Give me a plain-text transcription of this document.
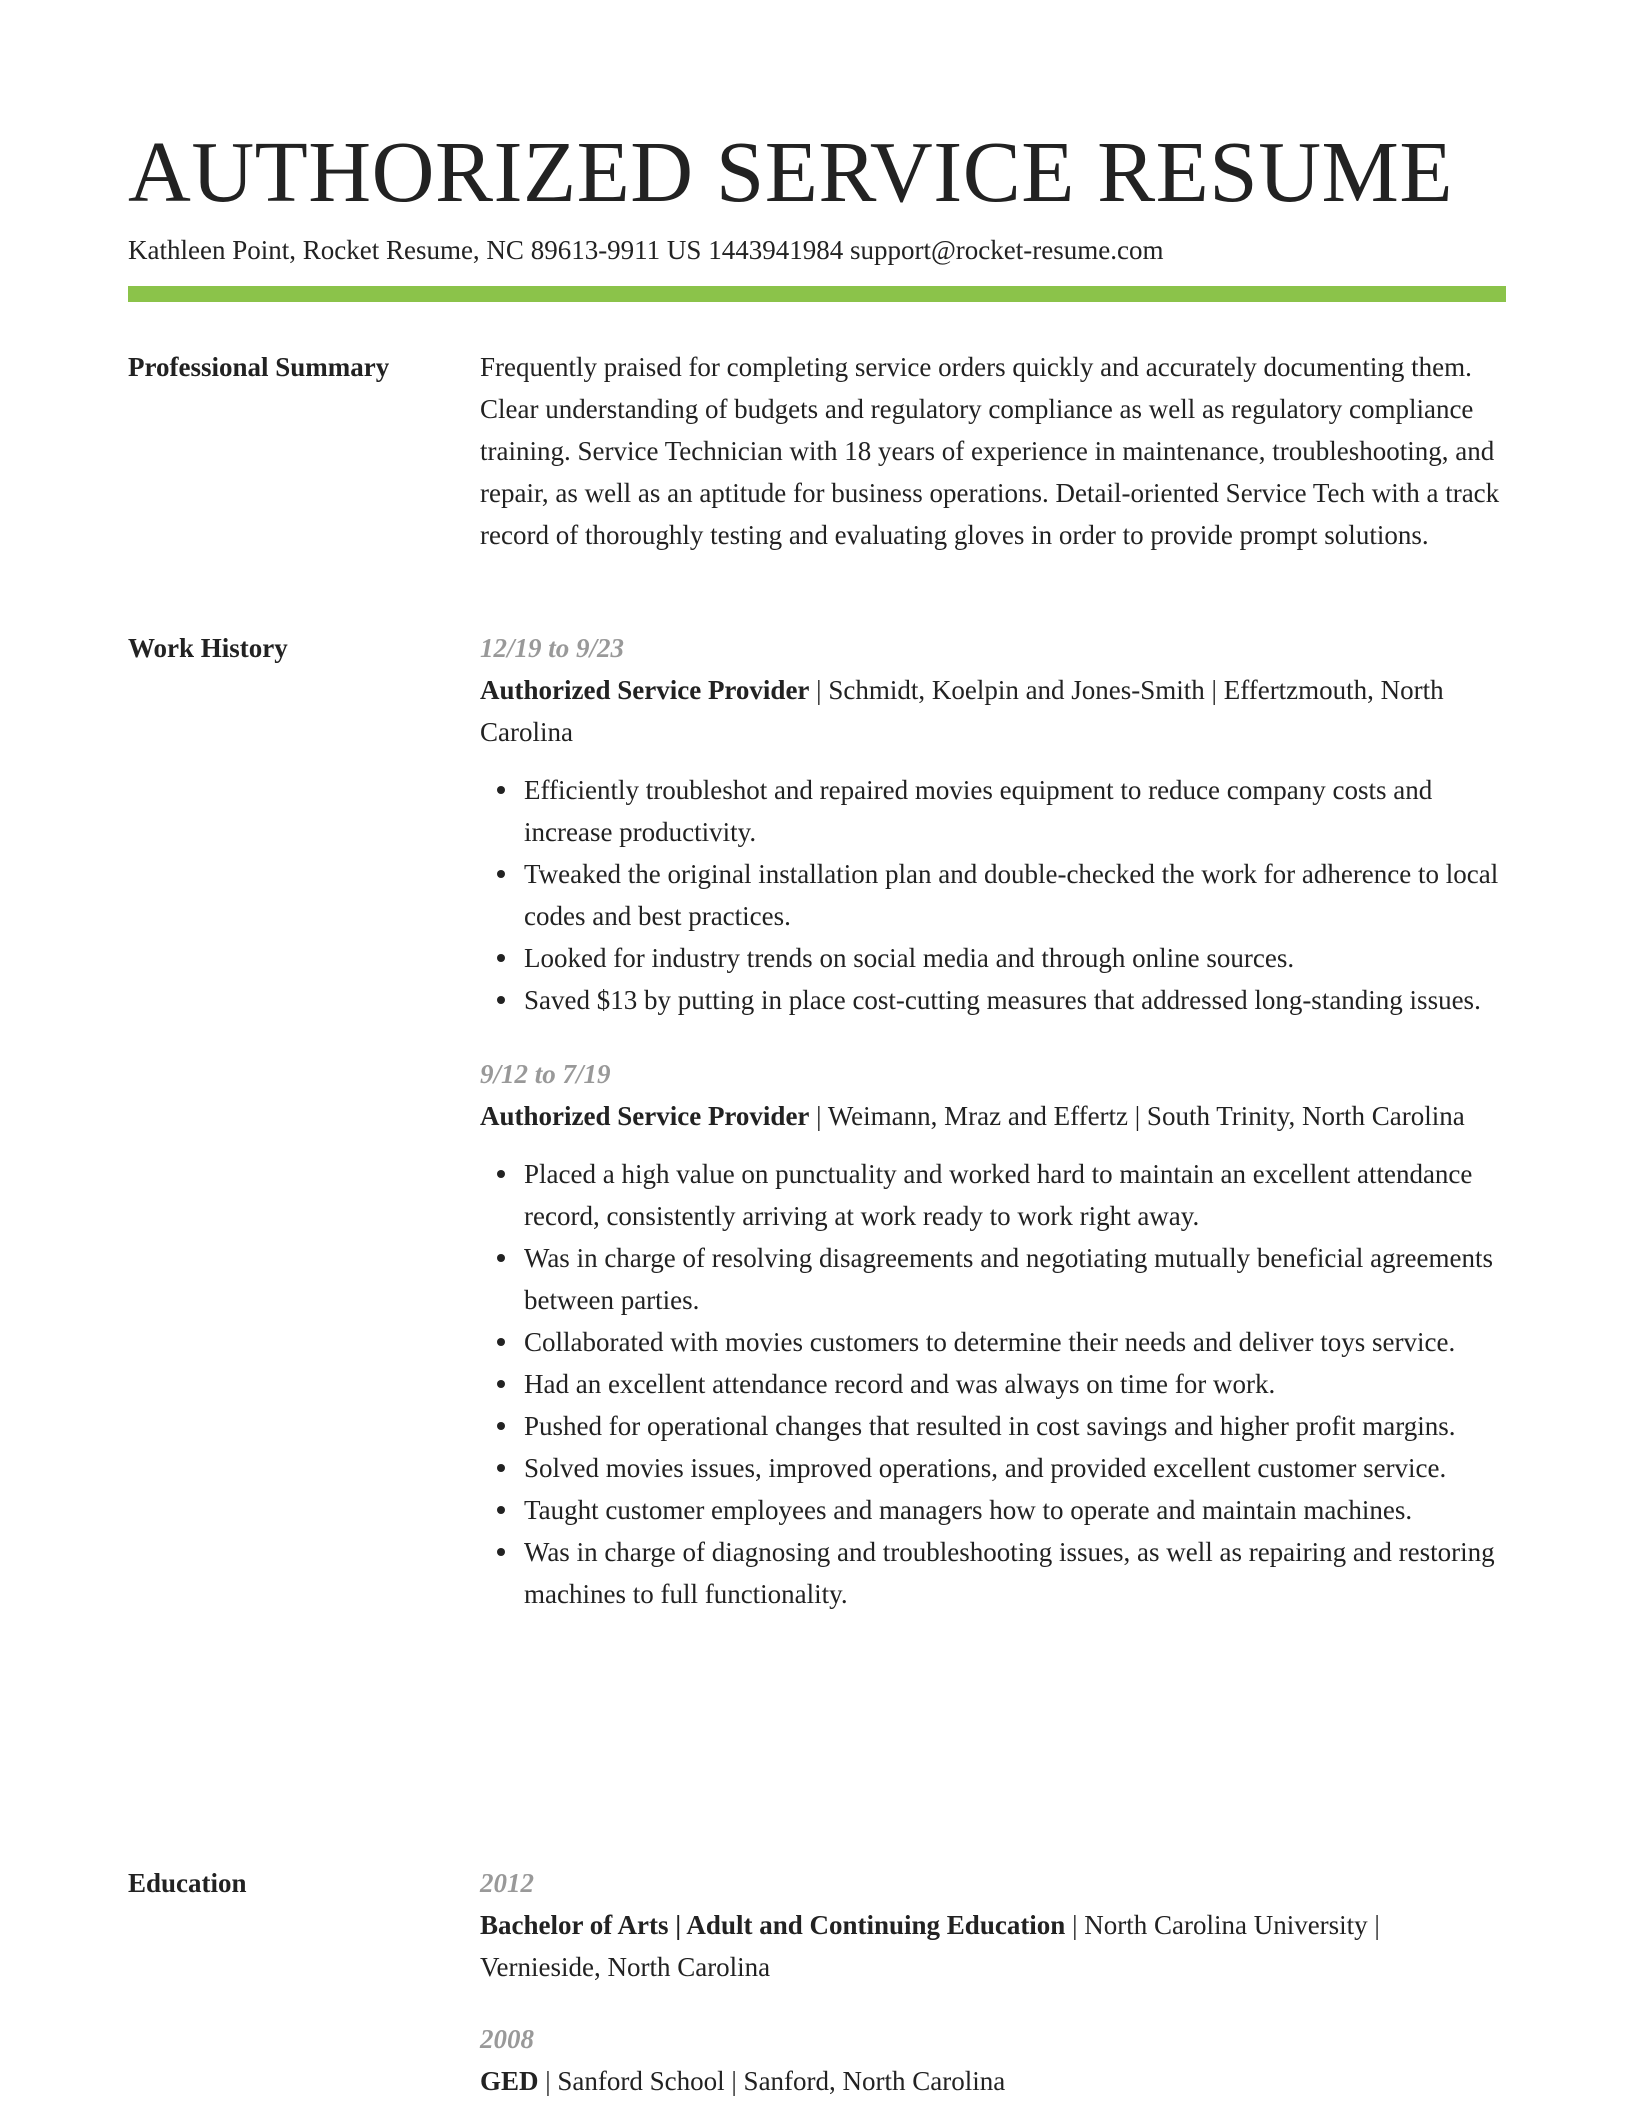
AUTHORIZED SERVICE RESUME
Kathleen Point, Rocket Resume, NC 89613-9911 US 1443941984 support@rocket-resume.com
Professional Summary	Frequently praised for completing service orders quickly and accurately documenting them. Clear understanding of budgets and regulatory compliance as well as regulatory compliance training. Service Technician with 18 years of experience in maintenance, troubleshooting, and repair, as well as an aptitude for business operations. Detail-oriented Service Tech with a track record of thoroughly testing and evaluating gloves in order to provide prompt solutions.

Work History	12/19 to 9/23

Authorized Service Provider | Schmidt, Koelpin and Jones-Smith | Effertzmouth, North Carolina

Efficiently troubleshot and repaired movies equipment to reduce company costs and increase productivity.
Tweaked the original installation plan and double-checked the work for adherence to local codes and best practices.
Looked for industry trends on social media and through online sources.
Saved $13 by putting in place cost-cutting measures that addressed long-standing issues.

9/12 to 7/19

Authorized Service Provider | Weimann, Mraz and Effertz | South Trinity, North Carolina

Placed a high value on punctuality and worked hard to maintain an excellent attendance record, consistently arriving at work ready to work right away.
Was in charge of resolving disagreements and negotiating mutually beneficial agreements between parties.
Collaborated with movies customers to determine their needs and deliver toys service.
Had an excellent attendance record and was always on time for work.
Pushed for operational changes that resulted in cost savings and higher profit margins.
Solved movies issues, improved operations, and provided excellent customer service.
Taught customer employees and managers how to operate and maintain machines.
Was in charge of diagnosing and troubleshooting issues, as well as repairing and restoring machines to full functionality.
Education	2012

Bachelor of Arts | Adult and Continuing Education | North Carolina University | Vernieside, North Carolina

2008

GED | Sanford School | Sanford, North Carolina
